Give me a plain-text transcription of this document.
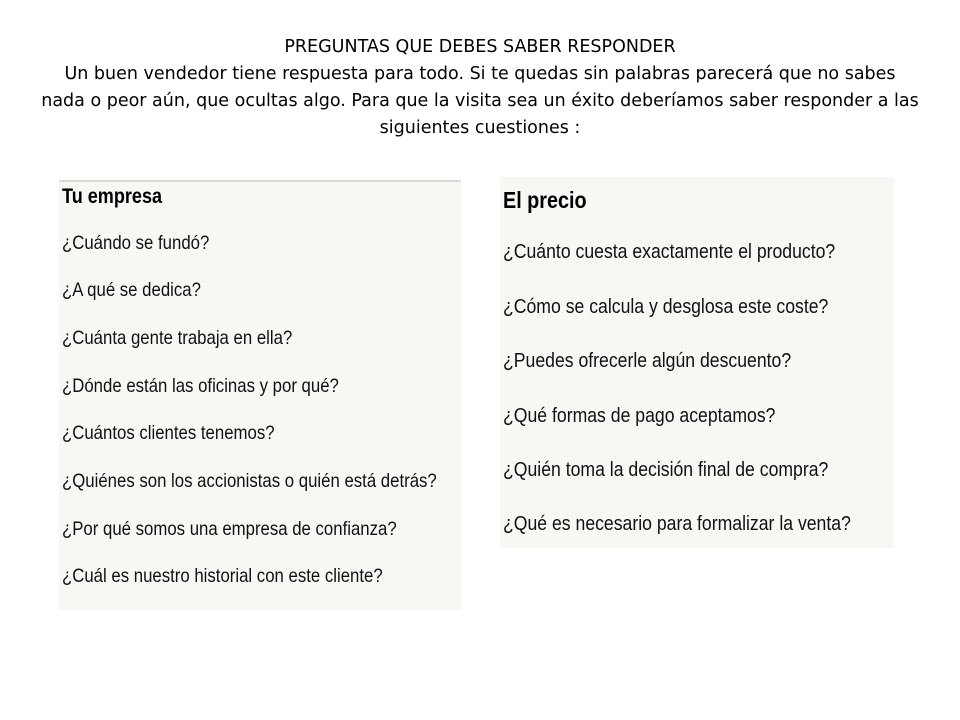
PREGUNTAS QUE DEBES SABER RESPONDER
Un buen vendedor tiene respuesta para todo. Si te quedas sin palabras parecerá que no sabes nada o peor aún, que ocultas algo. Para que la visita sea un éxito deberíamos saber responder a las siguientes cuestiones :
Tu empresa
¿Cuándo se fundó?
¿A qué se dedica?
¿Cuánta gente trabaja en ella?
¿Dónde están las oficinas y por qué?
¿Cuántos clientes tenemos?
¿Quiénes son los accionistas o quién está detrás?
¿Por qué somos una empresa de confianza?
¿Cuál es nuestro historial con este cliente?
El precio
¿Cuánto cuesta exactamente el producto?
¿Cómo se calcula y desglosa este coste?
¿Puedes ofrecerle algún descuento?
¿Qué formas de pago aceptamos?
¿Quién toma la decisión final de compra?
¿Qué es necesario para formalizar la venta?
